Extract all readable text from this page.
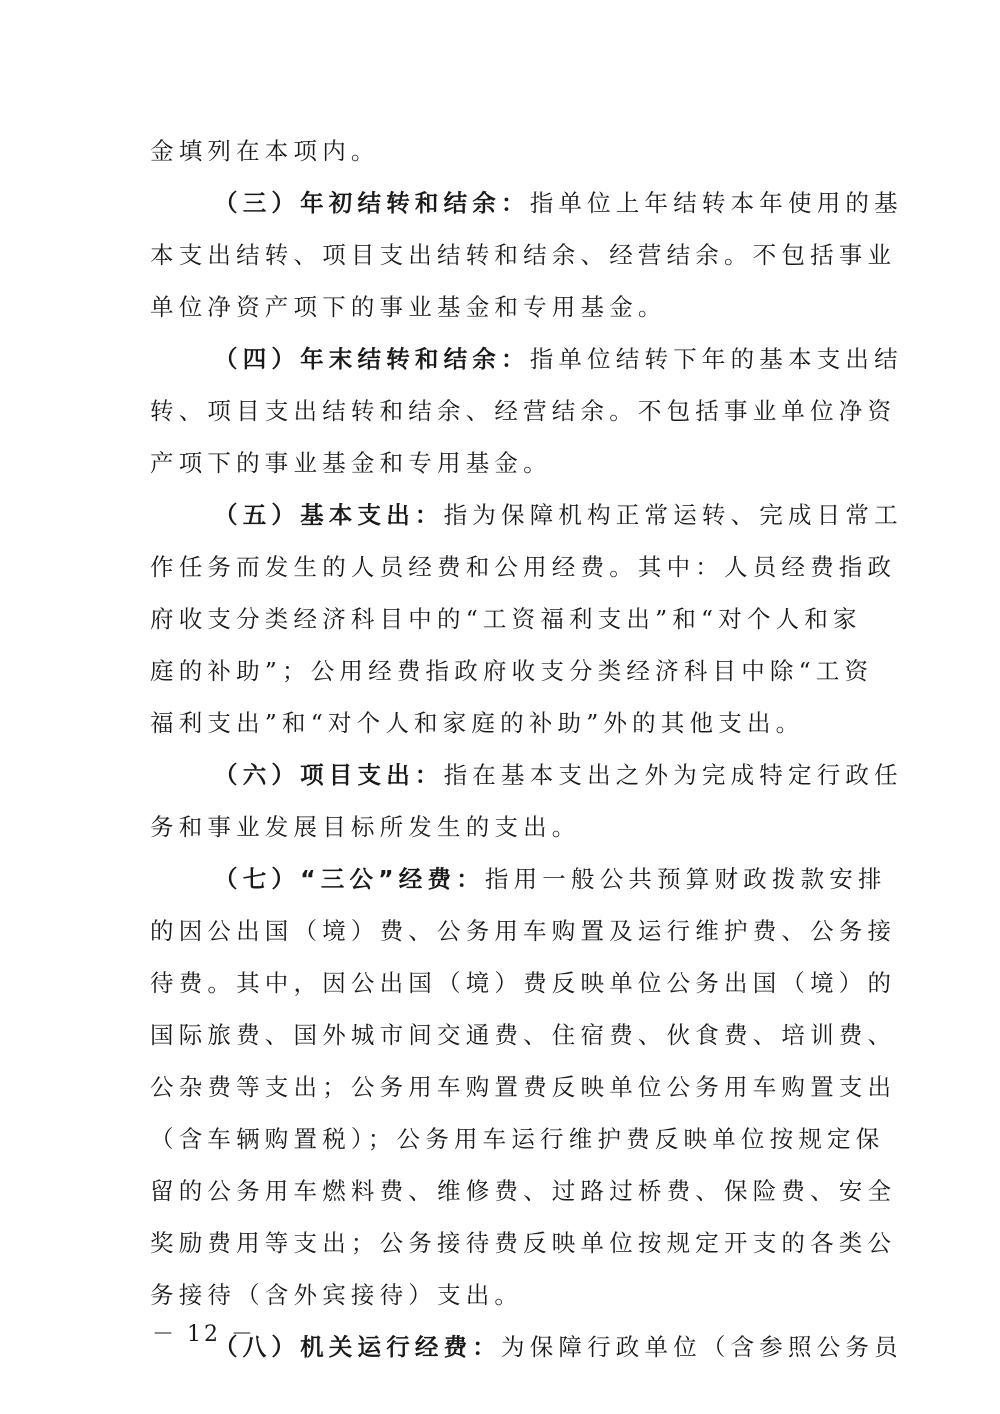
金填列在本项内。
（三）年初结转和结余：指单位上年结转本年使用的基
本支出结转、项目支出结转和结余、经营结余。不包括事业
单位净资产项下的事业基金和专用基金。
（四）年末结转和结余：指单位结转下年的基本支出结
转、项目支出结转和结余、经营结余。不包括事业单位净资
产项下的事业基金和专用基金。
（五）基本支出：指为保障机构正常运转、完成日常工
作任务而发生的人员经费和公用经费。其中：人员经费指政
府收支分类经济科目中的“工资福利支出”和“对个人和家
庭的补助”；公用经费指政府收支分类经济科目中除“工资
福利支出”和“对个人和家庭的补助”外的其他支出。
（六）项目支出：指在基本支出之外为完成特定行政任
务和事业发展目标所发生的支出。
（七）“三公”经费：指用一般公共预算财政拨款安排
的因公出国（境）费、公务用车购置及运行维护费、公务接
待费。其中，因公出国（境）费反映单位公务出国（境）的
国际旅费、国外城市间交通费、住宿费、伙食费、培训费、
公杂费等支出；公务用车购置费反映单位公务用车购置支出
（含车辆购置税）；公务用车运行维护费反映单位按规定保
留的公务用车燃料费、维修费、过路过桥费、保险费、安全
奖励费用等支出；公务接待费反映单位按规定开支的各类公
务接待（含外宾接待）支出。
（八）机关运行经费：为保障行政单位（含参照公务员
－ 12 －
